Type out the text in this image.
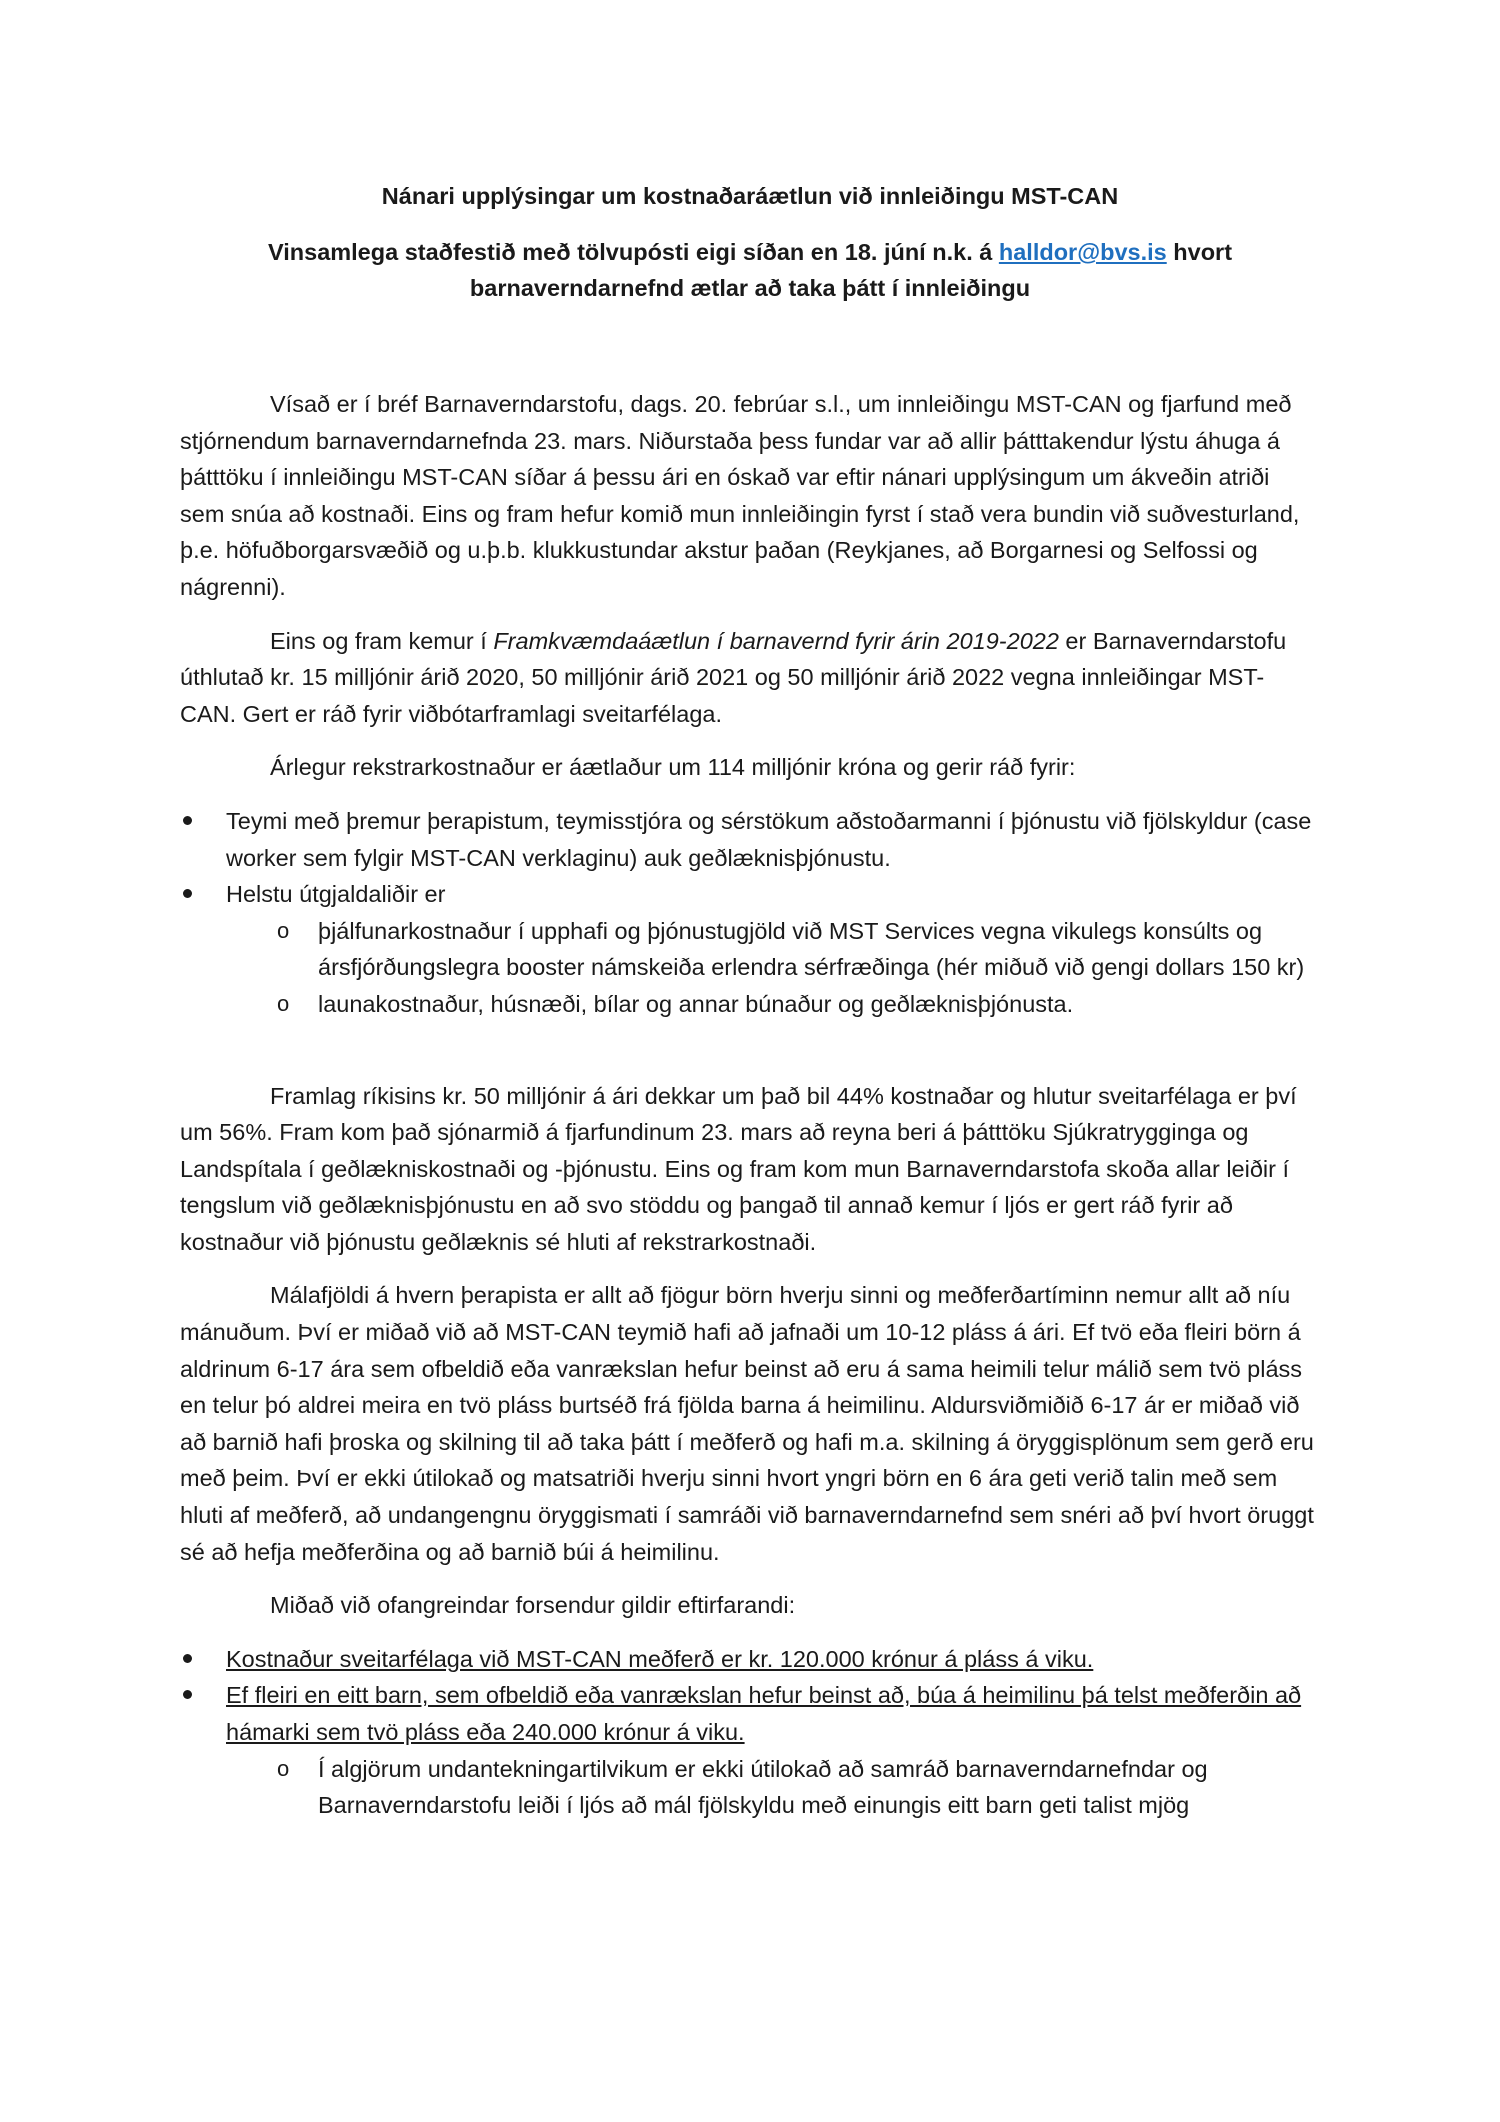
Nánari upplýsingar um kostnaðaráætlun við innleiðingu MST-CAN

Vinsamlega staðfestið með tölvupósti eigi síðan en 18. júní n.k. á halldor@bvs.is hvort barnaverndarnefnd ætlar að taka þátt í innleiðingu

Vísað er í bréf Barnaverndarstofu, dags. 20. febrúar s.l., um innleiðingu MST-CAN og fjarfund með stjórnendum barnaverndarnefnda 23. mars. Niðurstaða þess fundar var að allir þátttakendur lýstu áhuga á þátttöku í innleiðingu MST-CAN síðar á þessu ári en óskað var eftir nánari upplýsingum um ákveðin atriði sem snúa að kostnaði. Eins og fram hefur komið mun innleiðingin fyrst í stað vera bundin við suðvesturland, þ.e. höfuðborgarsvæðið og u.þ.b. klukkustundar akstur þaðan (Reykjanes, að Borgarnesi og Selfossi og nágrenni).

Eins og fram kemur í Framkvæmdaáætlun í barnavernd fyrir árin 2019-2022 er Barnaverndarstofu úthlutað kr. 15 milljónir árið 2020, 50 milljónir árið 2021 og 50 milljónir árið 2022 vegna innleiðingar MST-CAN. Gert er ráð fyrir viðbótarframlagi sveitarfélaga.

Árlegur rekstrarkostnaður er áætlaður um 114 milljónir króna og gerir ráð fyrir:

Teymi með þremur þerapistum, teymisstjóra og sérstökum aðstoðarmanni í þjónustu við fjölskyldur (case worker sem fylgir MST-CAN verklaginu) auk geðlæknisþjónustu.
Helstu útgjaldaliðir er
o þjálfunarkostnaður í upphafi og þjónustugjöld við MST Services vegna vikulegs konsúlts og ársfjórðungslegra booster námskeiða erlendra sérfræðinga (hér miðuð við gengi dollars 150 kr)
o launakostnaður, húsnæði, bílar og annar búnaður og geðlæknisþjónusta.

Framlag ríkisins kr. 50 milljónir á ári dekkar um það bil 44% kostnaðar og hlutur sveitarfélaga er því um 56%. Fram kom það sjónarmið á fjarfundinum 23. mars að reyna beri á þátttöku Sjúkratrygginga og Landspítala í geðlækniskostnaði og -þjónustu. Eins og fram kom mun Barnaverndarstofa skoða allar leiðir í tengslum við geðlæknisþjónustu en að svo stöddu og þangað til annað kemur í ljós er gert ráð fyrir að kostnaður við þjónustu geðlæknis sé hluti af rekstrarkostnaði.

Málafjöldi á hvern þerapista er allt að fjögur börn hverju sinni og meðferðartíminn nemur allt að níu mánuðum. Því er miðað við að MST-CAN teymið hafi að jafnaði um 10-12 pláss á ári. Ef tvö eða fleiri börn á aldrinum 6-17 ára sem ofbeldið eða vanrækslan hefur beinst að eru á sama heimili telur málið sem tvö pláss en telur þó aldrei meira en tvö pláss burtséð frá fjölda barna á heimilinu. Aldursviðmiðið 6-17 ár er miðað við að barnið hafi þroska og skilning til að taka þátt í meðferð og hafi m.a. skilning á öryggisplönum sem gerð eru með þeim. Því er ekki útilokað og matsatriði hverju sinni hvort yngri börn en 6 ára geti verið talin með sem hluti af meðferð, að undangengnu öryggismati í samráði við barnaverndarnefnd sem snéri að því hvort öruggt sé að hefja meðferðina og að barnið búi á heimilinu.

Miðað við ofangreindar forsendur gildir eftirfarandi:

Kostnaður sveitarfélaga við MST-CAN meðferð er kr. 120.000 krónur á pláss á viku.
Ef fleiri en eitt barn, sem ofbeldið eða vanrækslan hefur beinst að, búa á heimilinu þá telst meðferðin að hámarki sem tvö pláss eða 240.000 krónur á viku.
o Í algjörum undantekningartilvikum er ekki útilokað að samráð barnaverndarnefndar og Barnaverndarstofu leiði í ljós að mál fjölskyldu með einungis eitt barn geti talist mjög
